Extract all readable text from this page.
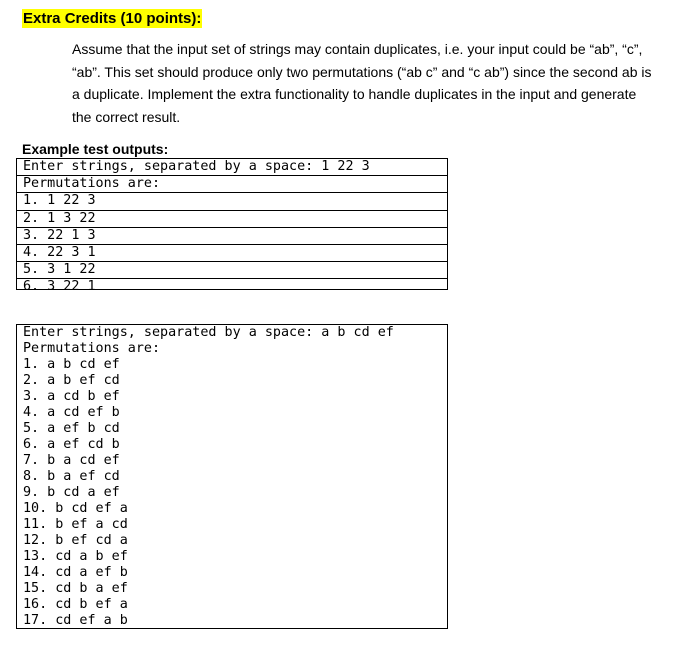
Extra Credits (10 points):
Assume that the input set of strings may contain duplicates, i.e. your input could be “ab”, “c”,
“ab”. This set should produce only two permutations (“ab c” and “c ab”) since the second ab is
a duplicate. Implement the extra functionality to handle duplicates in the input and generate
the correct result.
Example test outputs:
Enter strings, separated by a space: 1 22 3
Permutations are:
1. 1 22 3
2. 1 3 22
3. 22 1 3
4. 22 3 1
5. 3 1 22
6. 3 22 1
Enter strings, separated by a space: a b cd ef
Permutations are:
1. a b cd ef
2. a b ef cd
3. a cd b ef
4. a cd ef b
5. a ef b cd
6. a ef cd b
7. b a cd ef
8. b a ef cd
9. b cd a ef
10. b cd ef a
11. b ef a cd
12. b ef cd a
13. cd a b ef
14. cd a ef b
15. cd b a ef
16. cd b ef a
17. cd ef a b
